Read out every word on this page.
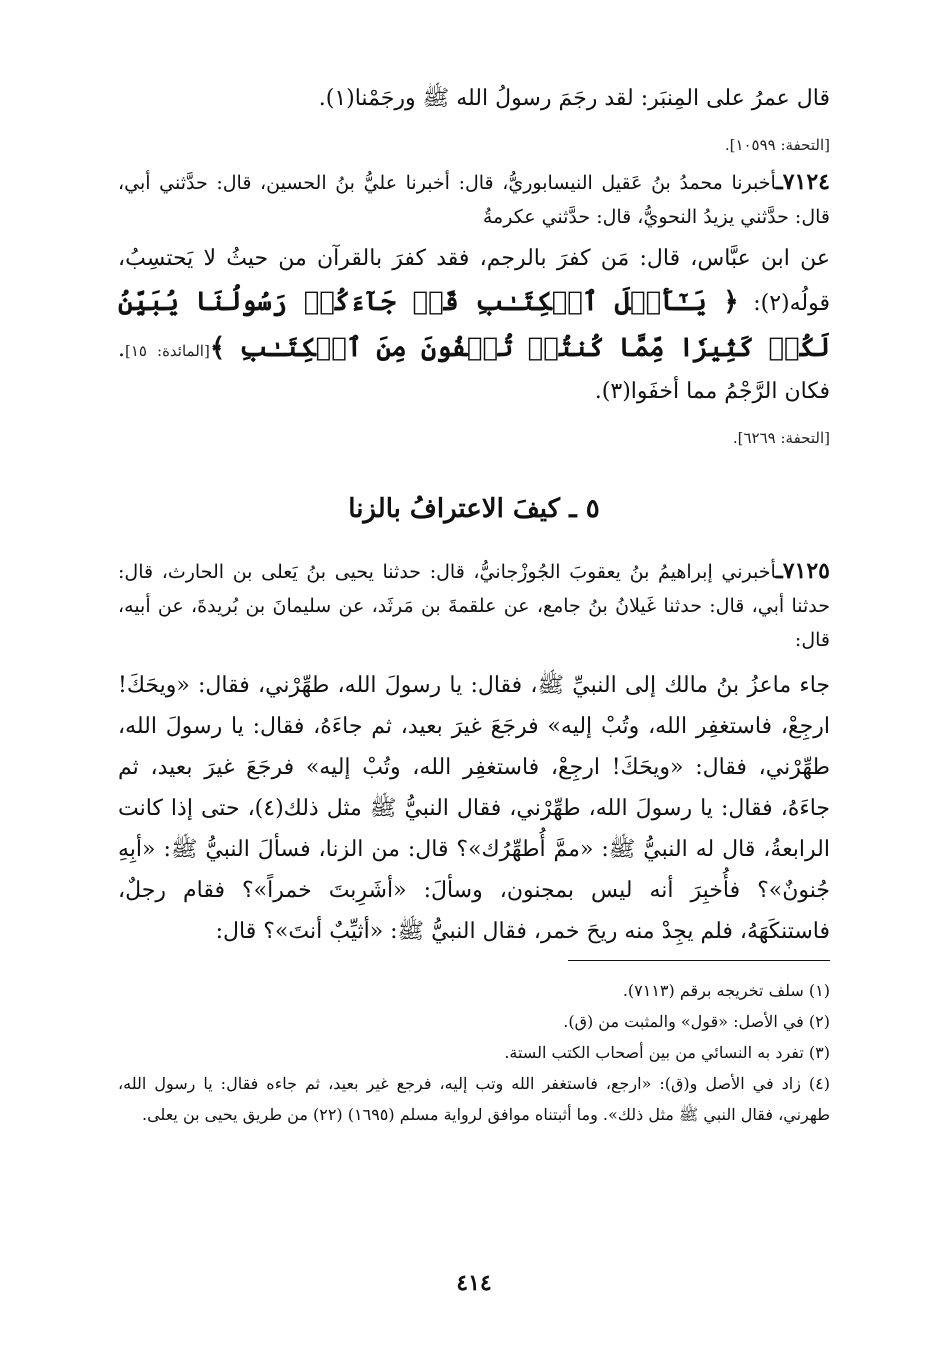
قال عمرُ على المِنبَر: لقد رجَمَ رسولُ الله ﷺ ورجَمْنا(١).

[التحفة: ١٠٥٩٩].

٧١٢٤ـأخبرنا محمدُ بنُ عَقيل النيسابوريُّ، قال: أخبرنا عليُّ بنُ الحسين، قال: حدَّثني أبي، قال: حدَّثني يزيدُ النحويُّ، قال: حدَّثني عكرمةُ

عن ابن عبَّاس، قال: مَن كفرَ بالرجم، فقد كفرَ بالقرآن من حيثُ لا يَحتسِبُ، قولُه(٢): ﴿ يَـٰٓأَهۡلَ ٱلۡكِتَـٰبِ قَدۡ جَآءَكُمۡ رَسُولُنَا يُبَيِّنُ لَكُمۡ كَثِيرٗا مِّمَّا كُنتُمۡ تُخۡفُونَ مِنَ ٱلۡكِتَـٰبِ ﴾[المائدة: ١٥]. فكان الرَّجْمُ مما أخفَوا(٣).

[التحفة: ٦٢٦٩].

٥ ـ كيفَ الاعترافُ بالزنا

٧١٢٥ـأخبرني إبراهيمُ بنُ يعقوبَ الجُوزْجانيُّ، قال: حدثنا يحيى بنُ يَعلى بن الحارث، قال: حدثنا أبي، قال: حدثنا غَيلانُ بنُ جامع، عن علقمةَ بن مَرثَد، عن سليمانَ بن بُريدةَ، عن أبيه، قال:

جاء ماعزُ بنُ مالك إلى النبيِّ ﷺ، فقال: يا رسولَ الله، طهِّرْني، فقال: «ويحَكَ! ارجِعْ، فاستغفِر الله، وتُبْ إليه» فرجَعَ غيرَ بعيد، ثم جاءَهُ، فقال: يا رسولَ الله، طهِّرْني، فقال: «ويحَكَ! ارجِعْ، فاستغفِر الله، وتُبْ إليه» فرجَعَ غيرَ بعيد، ثم جاءَهُ، فقال: يا رسولَ الله، طهِّرْني، فقال النبيُّ ﷺ مثل ذلك(٤)، حتى إذا كانت الرابعةُ، قال له النبيُّ ﷺ: «ممَّ أُطهِّرُك»؟ قال: من الزنا، فسألَ النبيُّ ﷺ: «أبِهِ جُنونٌ»؟ فأُخبِرَ أنه ليس بمجنون، وسألَ: «أشَرِبتَ خمراً»؟ فقام رجلٌ، فاستنكَهَهُ، فلم يجِدْ منه ريحَ خمر، فقال النبيُّ ﷺ: «أثيِّبٌ أنتَ»؟ قال:

(١) سلف تخريجه برقم (٧١١٣).

(٢) في الأصل: «قول» والمثبت من (ق).

(٣) تفرد به النسائي من بين أصحاب الكتب الستة.

(٤) زاد في الأصل و(ق): «ارجع، فاستغفر الله وتب إليه، فرجع غير بعيد، ثم جاءه فقال: يا رسول الله، طهرني، فقال النبي ﷺ مثل ذلك». وما أثبتناه موافق لرواية مسلم (١٦٩٥) (٢٢) من طريق يحيى بن يعلى.

٤١٤
